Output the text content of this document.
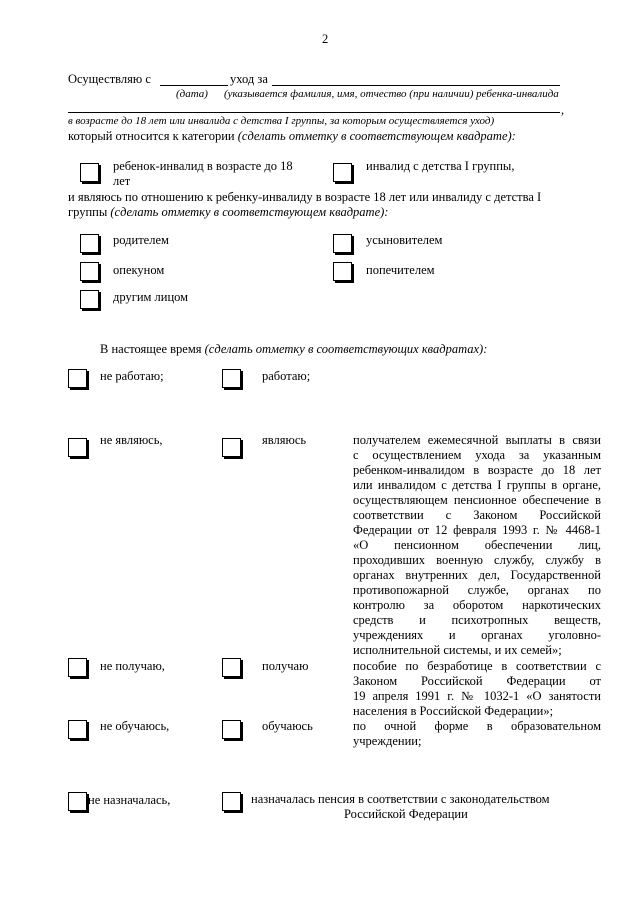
2
Осуществляю с	уход за
(дата) (указывается фамилия, имя, отчество (при наличии) ребенка-инвалида
,
в возрасте до 18 лет или инвалида с детства I группы, за которым осуществляется уход)
который относится к категории (сделать отметку в соответствующем квадрате):
ребенок-инвалид в возрасте до 18
лет
инвалид с детства I группы,
и являюсь по отношению к ребенку-инвалиду в возрасте 18 лет или инвалиду с детства I
группы (сделать отметку в соответствующем квадрате):
родителем	усыновителем
опекуном	попечителем
другим лицом
В настоящее время (сделать отметку в соответствующих квадратах):
не работаю;	работаю;
не являюсь,	являюсь	получателем ежемесячной выплаты в связи
с осуществлением ухода за указанным
ребенком-инвалидом в возрасте до 18 лет
или инвалидом с детства I группы в органе,
осуществляющем пенсионное обеспечение в
соответствии с Законом Российской
Федерации от 12 февраля 1993 г. № 4468-1
«О пенсионном обеспечении лиц,
проходивших военную службу, службу в
органах внутренних дел, Государственной
противопожарной службе, органах по
контролю за оборотом наркотических
средств и психотропных веществ,
учреждениях и органах уголовно-
исполнительной системы, и их семей»;
не получаю,	получаю	пособие по безработице в соответствии с
Законом Российской Федерации от
19 апреля 1991 г. № 1032-1 «О занятости
населения в Российской Федерации»;
не обучаюсь,	обучаюсь	по очной форме в образовательном
учреждении;
не назначалась,	назначалась пенсия в соответствии с законодательством
Российской Федерации
